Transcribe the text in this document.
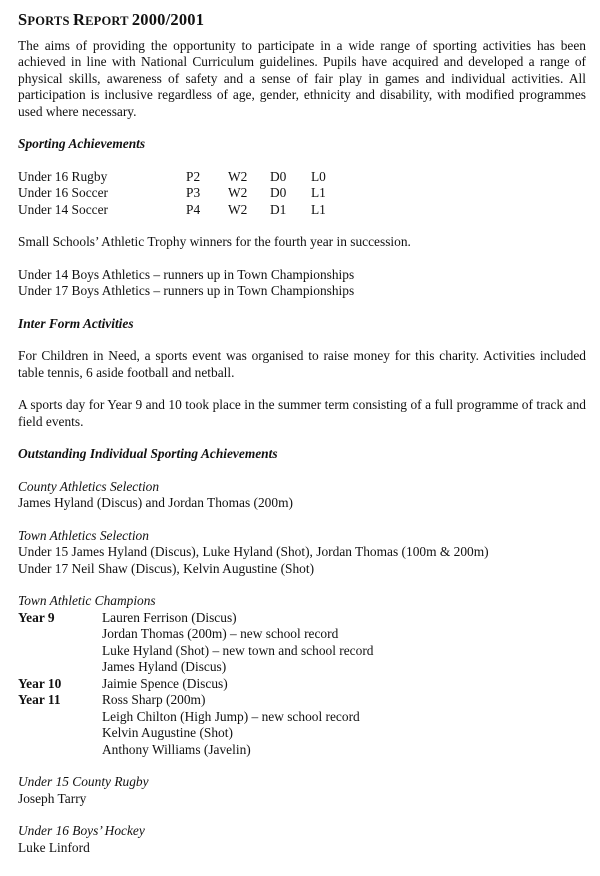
SPORTS REPORT 2000/2001

The aims of providing the opportunity to participate in a wide range of sporting activities has been achieved in line with National Curriculum guidelines. Pupils have acquired and developed a range of physical skills, awareness of safety and a sense of fair play in games and individual activities. All participation is inclusive regardless of age, gender, ethnicity and disability, with modified programmes used where necessary.

Sporting Achievements

Under 16 Rugby	P2	W2	D0	L0
Under 16 Soccer	P3	W2	D0	L1
Under 14 Soccer	P4	W2	D1	L1

Small Schools’ Athletic Trophy winners for the fourth year in succession.

Under 14 Boys Athletics – runners up in Town Championships

Under 17 Boys Athletics – runners up in Town Championships

Inter Form Activities

For Children in Need, a sports event was organised to raise money for this charity. Activities included table tennis, 6 aside football and netball.

A sports day for Year 9 and 10 took place in the summer term consisting of a full programme of track and field events.

Outstanding Individual Sporting Achievements

County Athletics Selection

James Hyland (Discus) and Jordan Thomas (200m)

Town Athletics Selection

Under 15 James Hyland (Discus), Luke Hyland (Shot), Jordan Thomas (100m & 200m)

Under 17 Neil Shaw (Discus), Kelvin Augustine (Shot)

Town Athletic Champions

Year 9	Lauren Ferrison (Discus)
	Jordan Thomas (200m) – new school record
	Luke Hyland (Shot) – new town and school record
	James Hyland (Discus)
Year 10	Jaimie Spence (Discus)
Year 11	Ross Sharp (200m)
	Leigh Chilton (High Jump) – new school record
	Kelvin Augustine (Shot)
	Anthony Williams (Javelin)

Under 15 County Rugby

Joseph Tarry

Under 16 Boys’ Hockey

Luke Linford
